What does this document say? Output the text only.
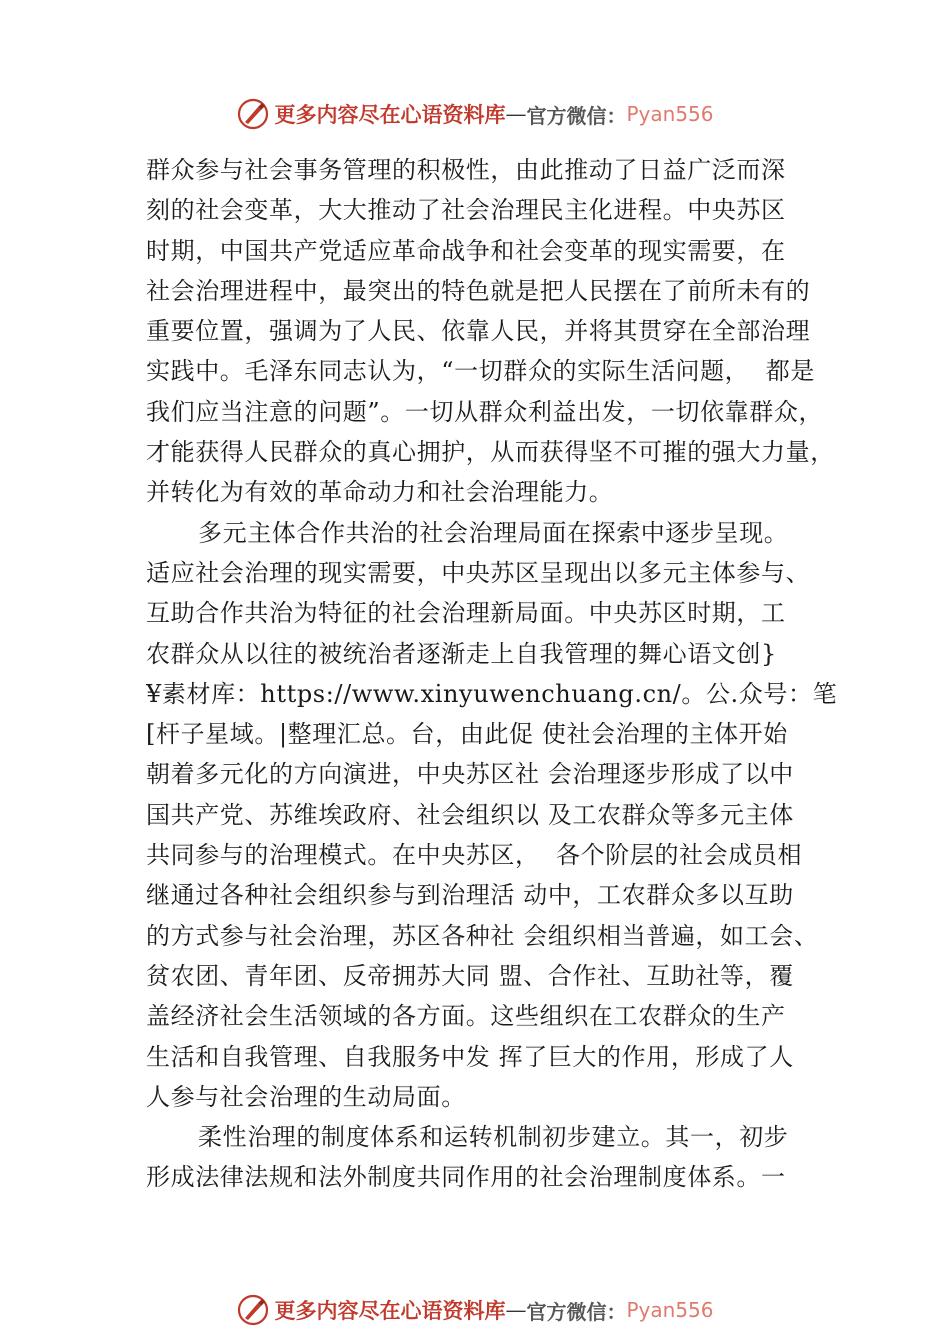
更多内容尽在心语资料库 — 官方微信： Pyan556
群众参与社会事务管理的积极性，由此推动了日益广泛而深
刻的社会变革，大大推动了社会治理民主化进程。中央苏区
时期，中国共产党适应革命战争和社会变革的现实需要，在
社会治理进程中，最突出的特色就是把人民摆在了前所未有的
重要位置，强调为了人民、依靠人民，并将其贯穿在全部治理
实践中。毛泽东同志认为，“一切群众的实际生活问题，  都是
我们应当注意的问题”。一切从群众利益出发，一切依靠群众，
才能获得人民群众的真心拥护，从而获得坚不可摧的强大力量，
并转化为有效的革命动力和社会治理能力。
多元主体合作共治的社会治理局面在探索中逐步呈现。
适应社会治理的现实需要，中央苏区呈现出以多元主体参与、
互助合作共治为特征的社会治理新局面。中央苏区时期，工
农群众从以往的被统治者逐渐走上自我管理的舞心语文创}
¥素材库：https://www.xinyuwenchuang.cn/。公.众号：笔
[杆子星域。|整理汇总。台，由此促 使社会治理的主体开始
朝着多元化的方向演进，中央苏区社 会治理逐步形成了以中
国共产党、苏维埃政府、社会组织以 及工农群众等多元主体
共同参与的治理模式。在中央苏区，  各个阶层的社会成员相
继通过各种社会组织参与到治理活 动中，工农群众多以互助
的方式参与社会治理，苏区各种社 会组织相当普遍，如工会、
贫农团、青年团、反帝拥苏大同 盟、合作社、互助社等，覆
盖经济社会生活领域的各方面。这些组织在工农群众的生产
生活和自我管理、自我服务中发 挥了巨大的作用，形成了人
人参与社会治理的生动局面。
柔性治理的制度体系和运转机制初步建立。其一，初步
形成法律法规和法外制度共同作用的社会治理制度体系。一
更多内容尽在心语资料库 — 官方微信： Pyan556
